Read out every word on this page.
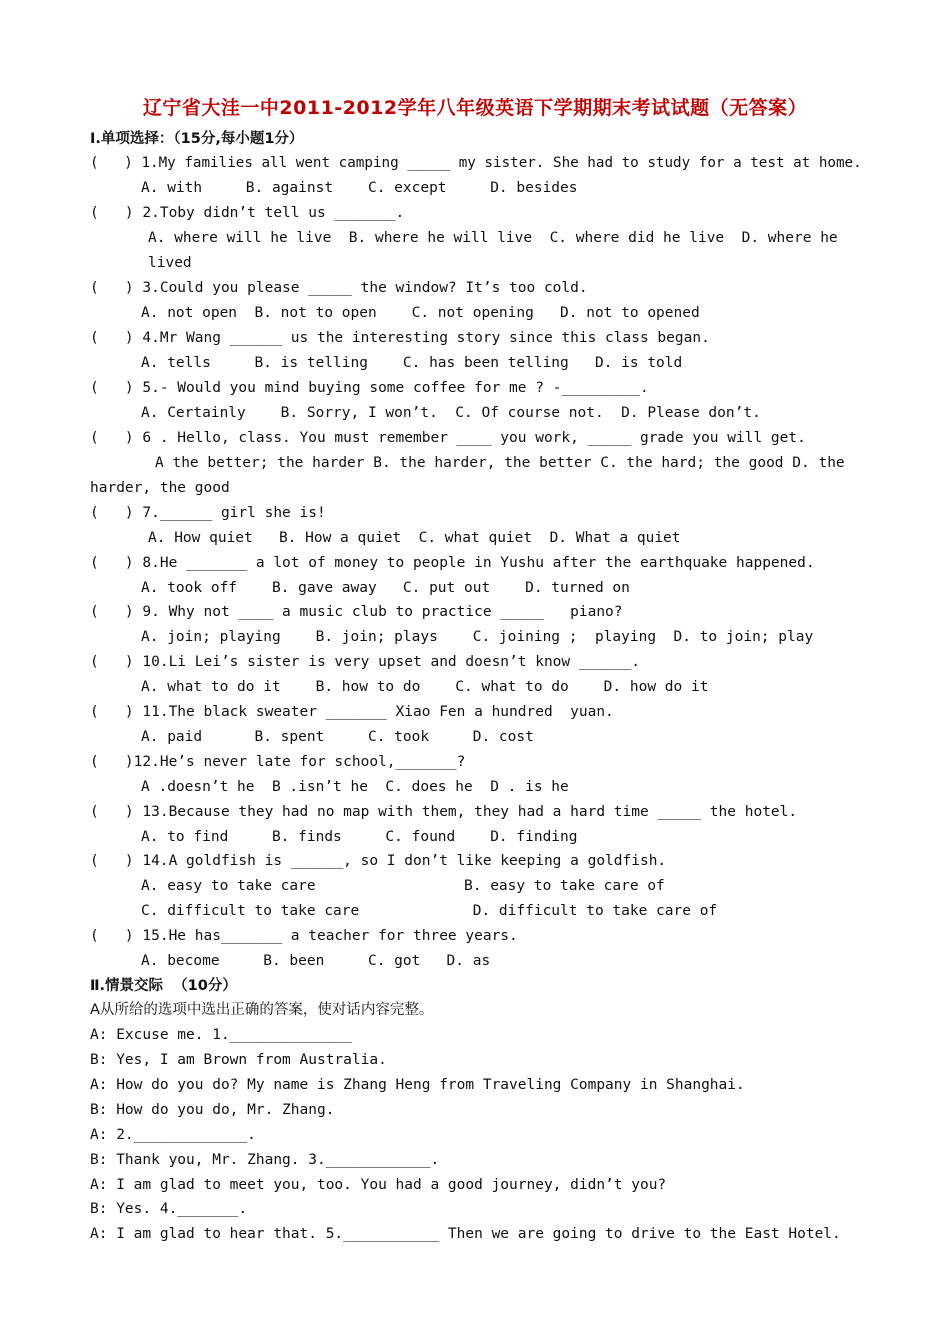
辽宁省大洼一中2011-2012学年八年级英语下学期期末考试试题（无答案）
Ⅰ.单项选择：（15分,每小题1分）
(   ) 1.My families all went camping _____ my sister. She had to study for a test at home.
A. with     B. against    C. except     D. besides
(   ) 2.Toby didn’t tell us _______.
A. where will he live  B. where he will live  C. where did he live  D. where he
lived
(   ) 3.Could you please _____ the window? It’s too cold.
A. not open  B. not to open    C. not opening   D. not to opened
(   ) 4.Mr Wang ______ us the interesting story since this class began.
A. tells     B. is telling    C. has been telling   D. is told
(   ) 5.- Would you mind buying some coffee for me ? -_________.
A. Certainly    B. Sorry, I won’t.  C. Of course not.  D. Please don’t.
(   ) 6 . Hello, class. You must remember ____ you work, _____ grade you will get.
A the better; the harder B. the harder, the better C. the hard; the good D. the
harder, the good
(   ) 7.______ girl she is!
A. How quiet   B. How a quiet  C. what quiet  D. What a quiet
(   ) 8.He _______ a lot of money to people in Yushu after the earthquake happened.
A. took off    B. gave away   C. put out    D. turned on
(   ) 9. Why not ____ a music club to practice _____   piano?
A. join; playing    B. join; plays    C. joining ;  playing  D. to join; play
(   ) 10.Li Lei’s sister is very upset and doesn’t know ______.
A. what to do it    B. how to do    C. what to do    D. how do it
(   ) 11.The black sweater _______ Xiao Fen a hundred  yuan.
A. paid      B. spent     C. took     D. cost
(   )12.He’s never late for school,_______?
A .doesn’t he  B .isn’t he  C. does he  D . is he
(   ) 13.Because they had no map with them, they had a hard time _____ the hotel.
A. to find     B. finds     C. found    D. finding
(   ) 14.A goldfish is ______, so I don’t like keeping a goldfish.
A. easy to take care                 B. easy to take care of
C. difficult to take care             D. difficult to take care of
(   ) 15.He has_______ a teacher for three years.
A. become     B. been     C. got   D. as
Ⅱ.情景交际  （10分）
A从所给的选项中选出正确的答案，使对话内容完整。
A: Excuse me. 1.______________
B: Yes, I am Brown from Australia.
A: How do you do? My name is Zhang Heng from Traveling Company in Shanghai.
B: How do you do, Mr. Zhang.
A: 2._____________.
B: Thank you, Mr. Zhang. 3.____________.
A: I am glad to meet you, too. You had a good journey, didn’t you?
B: Yes. 4._______.
A: I am glad to hear that. 5.___________ Then we are going to drive to the East Hotel.
